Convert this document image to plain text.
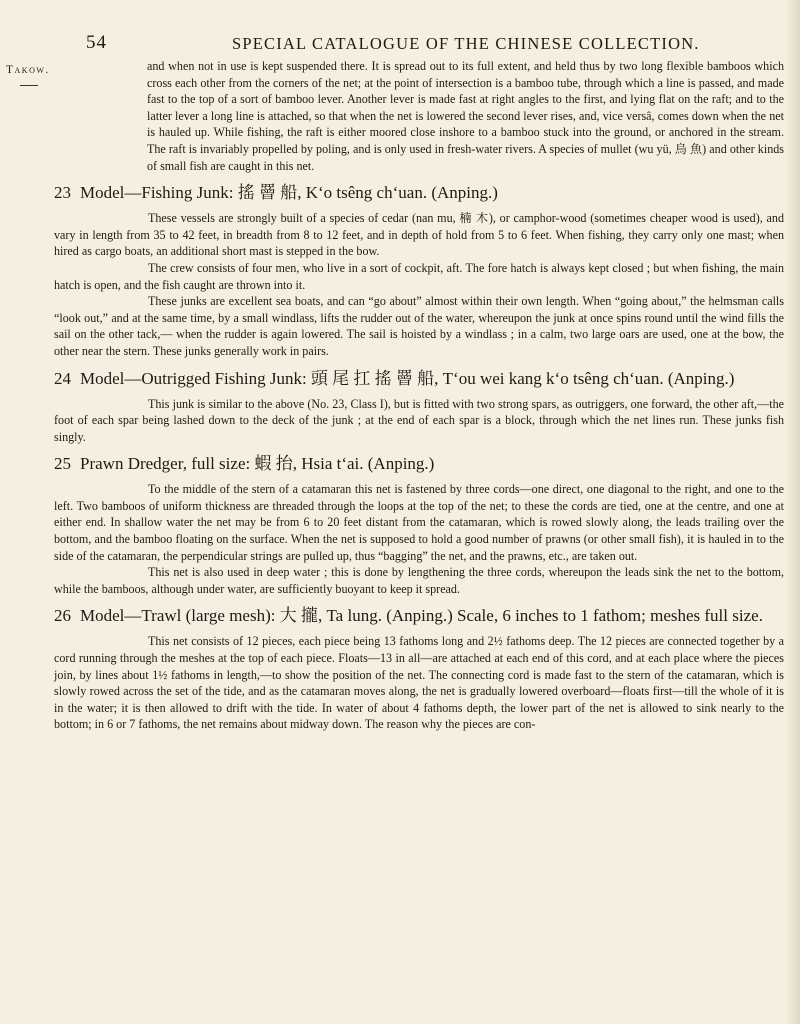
54	SPECIAL CATALOGUE OF THE CHINESE COLLECTION.
Takow.	and when not in use is kept suspended there. It is spread out to its full extent, and held thus by two long flexible bamboos which cross each other from the corners of the net; at the point of intersection is a bamboo tube, through which a line is passed, and made fast to the top of a sort of bamboo lever. Another lever is made fast at right angles to the first, and lying flat on the raft; and to the latter lever a long line is attached, so that when the net is lowered the second lever rises, and, vice versâ, comes down when the net is hauled up. While fishing, the raft is either moored close inshore to a bamboo stuck into the ground, or anchored in the stream. The raft is invariably propelled by poling, and is only used in fresh-water rivers. A species of mullet (wu yü, 烏 魚) and other kinds of small fish are caught in this net.

23 Model—Fishing Junk: 搖 罾 船, K‘o tsêng ch‘uan. (Anping.)

These vessels are strongly built of a species of cedar (nan mu, 楠 木), or camphor-wood (sometimes cheaper wood is used), and vary in length from 35 to 42 feet, in breadth from 8 to 12 feet, and in depth of hold from 5 to 6 feet. When fishing, they carry only one mast; when hired as cargo boats, an additional short mast is stepped in the bow.

The crew consists of four men, who live in a sort of cockpit, aft. The fore hatch is always kept closed ; but when fishing, the main hatch is open, and the fish caught are thrown into it.

These junks are excellent sea boats, and can “go about” almost within their own length. When “going about,” the helmsman calls “look out,” and at the same time, by a small windlass, lifts the rudder out of the water, whereupon the junk at once spins round until the wind fills the sail on the other tack,— when the rudder is again lowered. The sail is hoisted by a windlass ; in a calm, two large oars are used, one at the bow, the other near the stern. These junks generally work in pairs.

24 Model—Outrigged Fishing Junk: 頭 尾 扛 搖 罾 船, T‘ou wei kang k‘o tsêng ch‘uan. (Anping.)

This junk is similar to the above (No. 23, Class I), but is fitted with two strong spars, as outriggers, one forward, the other aft,—the foot of each spar being lashed down to the deck of the junk ; at the end of each spar is a block, through which the net lines run. These junks fish singly.

25 Prawn Dredger, full size: 蝦 抬, Hsia t‘ai. (Anping.)

To the middle of the stern of a catamaran this net is fastened by three cords—one direct, one diagonal to the right, and one to the left. Two bamboos of uniform thickness are threaded through the loops at the top of the net; to these the cords are tied, one at the centre, and one at either end. In shallow water the net may be from 6 to 20 feet distant from the catamaran, which is rowed slowly along, the leads trailing over the bottom, and the bamboo floating on the surface. When the net is supposed to hold a good number of prawns (or other small fish), it is hauled in to the side of the catamaran, the perpendicular strings are pulled up, thus “bagging” the net, and the prawns, etc., are taken out.

This net is also used in deep water ; this is done by lengthening the three cords, whereupon the leads sink the net to the bottom, while the bamboos, although under water, are sufficiently buoyant to keep it spread.

26 Model—Trawl (large mesh): 大 攏, Ta lung. (Anping.) Scale, 6 inches to 1 fathom; meshes full size.

This net consists of 12 pieces, each piece being 13 fathoms long and 2½ fathoms deep. The 12 pieces are connected together by a cord running through the meshes at the top of each piece. Floats—13 in all—are attached at each end of this cord, and at each place where the pieces join, by lines about 1½ fathoms in length,—to show the position of the net. The connecting cord is made fast to the stern of the catamaran, which is slowly rowed across the set of the tide, and as the catamaran moves along, the net is gradually lowered overboard—floats first—till the whole of it is in the water; it is then allowed to drift with the tide. In water of about 4 fathoms depth, the lower part of the net is allowed to sink nearly to the bottom; in 6 or 7 fathoms, the net remains about midway down. The reason why the pieces are con-
